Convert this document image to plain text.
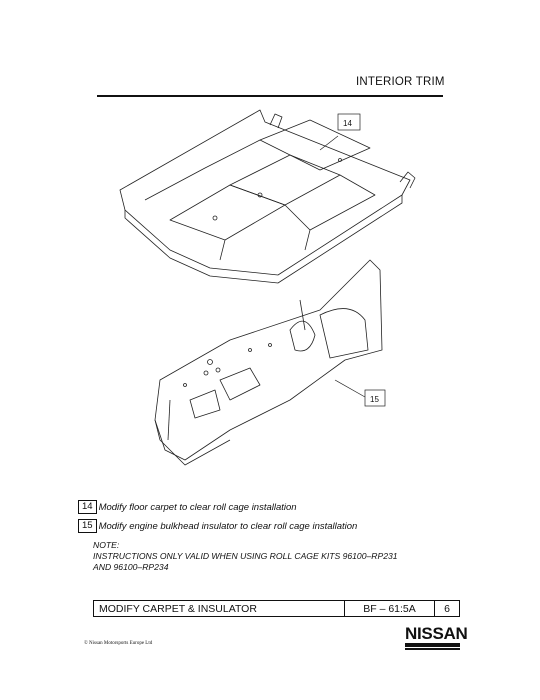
INTERIOR TRIM
14
15
14 Modify floor carpet to clear roll cage installation
15 Modify engine bulkhead insulator to clear roll cage installation
NOTE:
INSTRUCTIONS ONLY VALID WHEN USING ROLL CAGE KITS 96100–RP231
AND 96100–RP234
MODIFY CARPET & INSULATOR	BF – 61:5A	6
© Nissan Motorsports Europe Ltd
NISSAN
